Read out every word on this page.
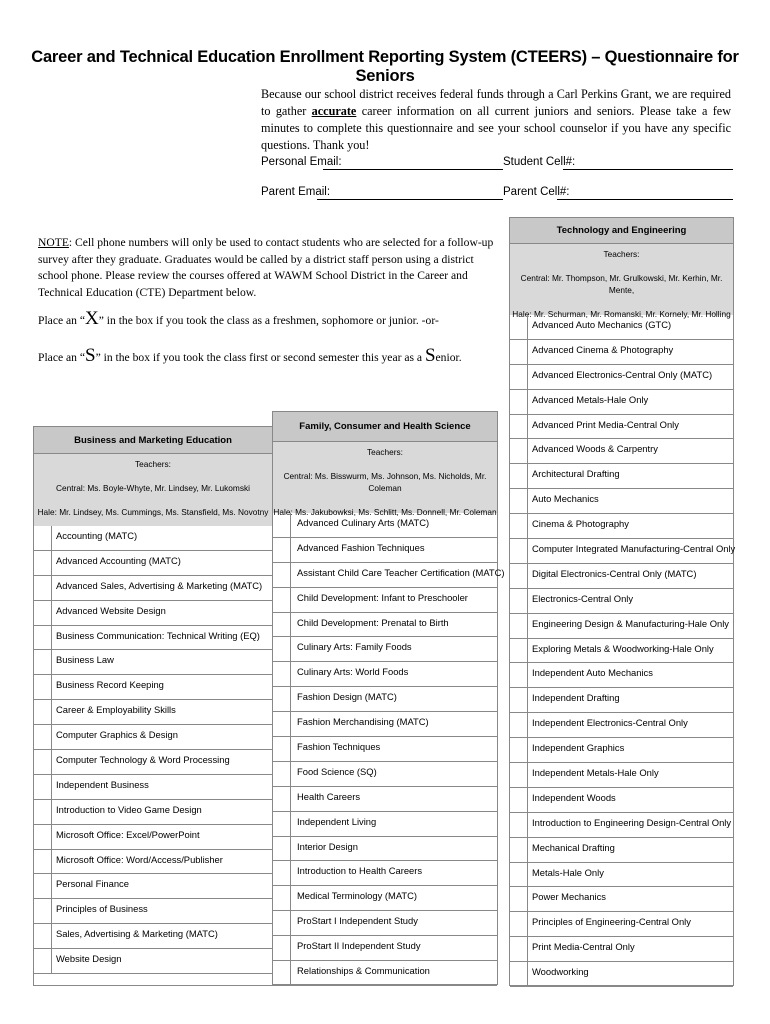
Career and Technical Education Enrollment Reporting System (CTEERS) – Questionnaire for Seniors
Because our school district receives federal funds through a Carl Perkins Grant, we are required to gather accurate career information on all current juniors and seniors. Please take a few minutes to complete this questionnaire and see your school counselor if you have any specific questions. Thank you!
Personal Email:	Student Cell#:
Parent Email:	Parent Cell#:
NOTE: Cell phone numbers will only be used to contact students who are selected for a follow-up survey after they graduate. Graduates would be called by a district staff person using a district school phone. Please review the courses offered at WAWM School District in the Career and Technical Education (CTE) Department below.
Place an “X” in the box if you took the class as a freshmen, sophomore or junior. -or-
Place an “S” in the box if you took the class first or second semester this year as a Senior.
Business and Marketing Education
Teachers:
Central: Ms. Boyle-Whyte, Mr. Lindsey, Mr. Lukomski
Hale: Mr. Lindsey, Ms. Cummings, Ms. Stansfield, Ms. Novotny
Accounting (MATC)
Advanced Accounting (MATC)
Advanced Sales, Advertising & Marketing (MATC)
Advanced Website Design
Business Communication: Technical Writing (EQ)
Business Law
Business Record Keeping
Career & Employability Skills
Computer Graphics & Design
Computer Technology & Word Processing
Independent Business
Introduction to Video Game Design
Microsoft Office: Excel/PowerPoint
Microsoft Office: Word/Access/Publisher
Personal Finance
Principles of Business
Sales, Advertising & Marketing (MATC)
Website Design
Family, Consumer and Health Science
Teachers:
Central: Ms. Bisswurm, Ms. Johnson, Ms. Nicholds, Mr. Coleman
Hale: Ms. Jakubowksi, Ms. Schlitt, Ms. Donnell, Mr. Coleman
Advanced Culinary Arts (MATC)
Advanced Fashion Techniques
Assistant Child Care Teacher Certification (MATC)
Child Development: Infant to Preschooler
Child Development: Prenatal to Birth
Culinary Arts: Family Foods
Culinary Arts: World Foods
Fashion Design (MATC)
Fashion Merchandising (MATC)
Fashion Techniques
Food Science (SQ)
Health Careers
Independent Living
Interior Design
Introduction to Health Careers
Medical Terminology (MATC)
ProStart I Independent Study
ProStart II Independent Study
Relationships & Communication
Technology and Engineering
Teachers:
Central: Mr. Thompson, Mr. Grulkowski, Mr. Kerhin, Mr. Mente,
Hale: Mr. Schurman, Mr. Romanski, Mr. Kornely, Mr. Holling
Advanced Auto Mechanics (GTC)
Advanced Cinema & Photography
Advanced Electronics-Central Only (MATC)
Advanced Metals-Hale Only
Advanced Print Media-Central Only
Advanced Woods & Carpentry
Architectural Drafting
Auto Mechanics
Cinema & Photography
Computer Integrated Manufacturing-Central Only
Digital Electronics-Central Only (MATC)
Electronics-Central Only
Engineering Design & Manufacturing-Hale Only
Exploring Metals & Woodworking-Hale Only
Independent Auto Mechanics
Independent Drafting
Independent Electronics-Central Only
Independent Graphics
Independent Metals-Hale Only
Independent Woods
Introduction to Engineering Design-Central Only
Mechanical Drafting
Metals-Hale Only
Power Mechanics
Principles of Engineering-Central Only
Print Media-Central Only
Woodworking
